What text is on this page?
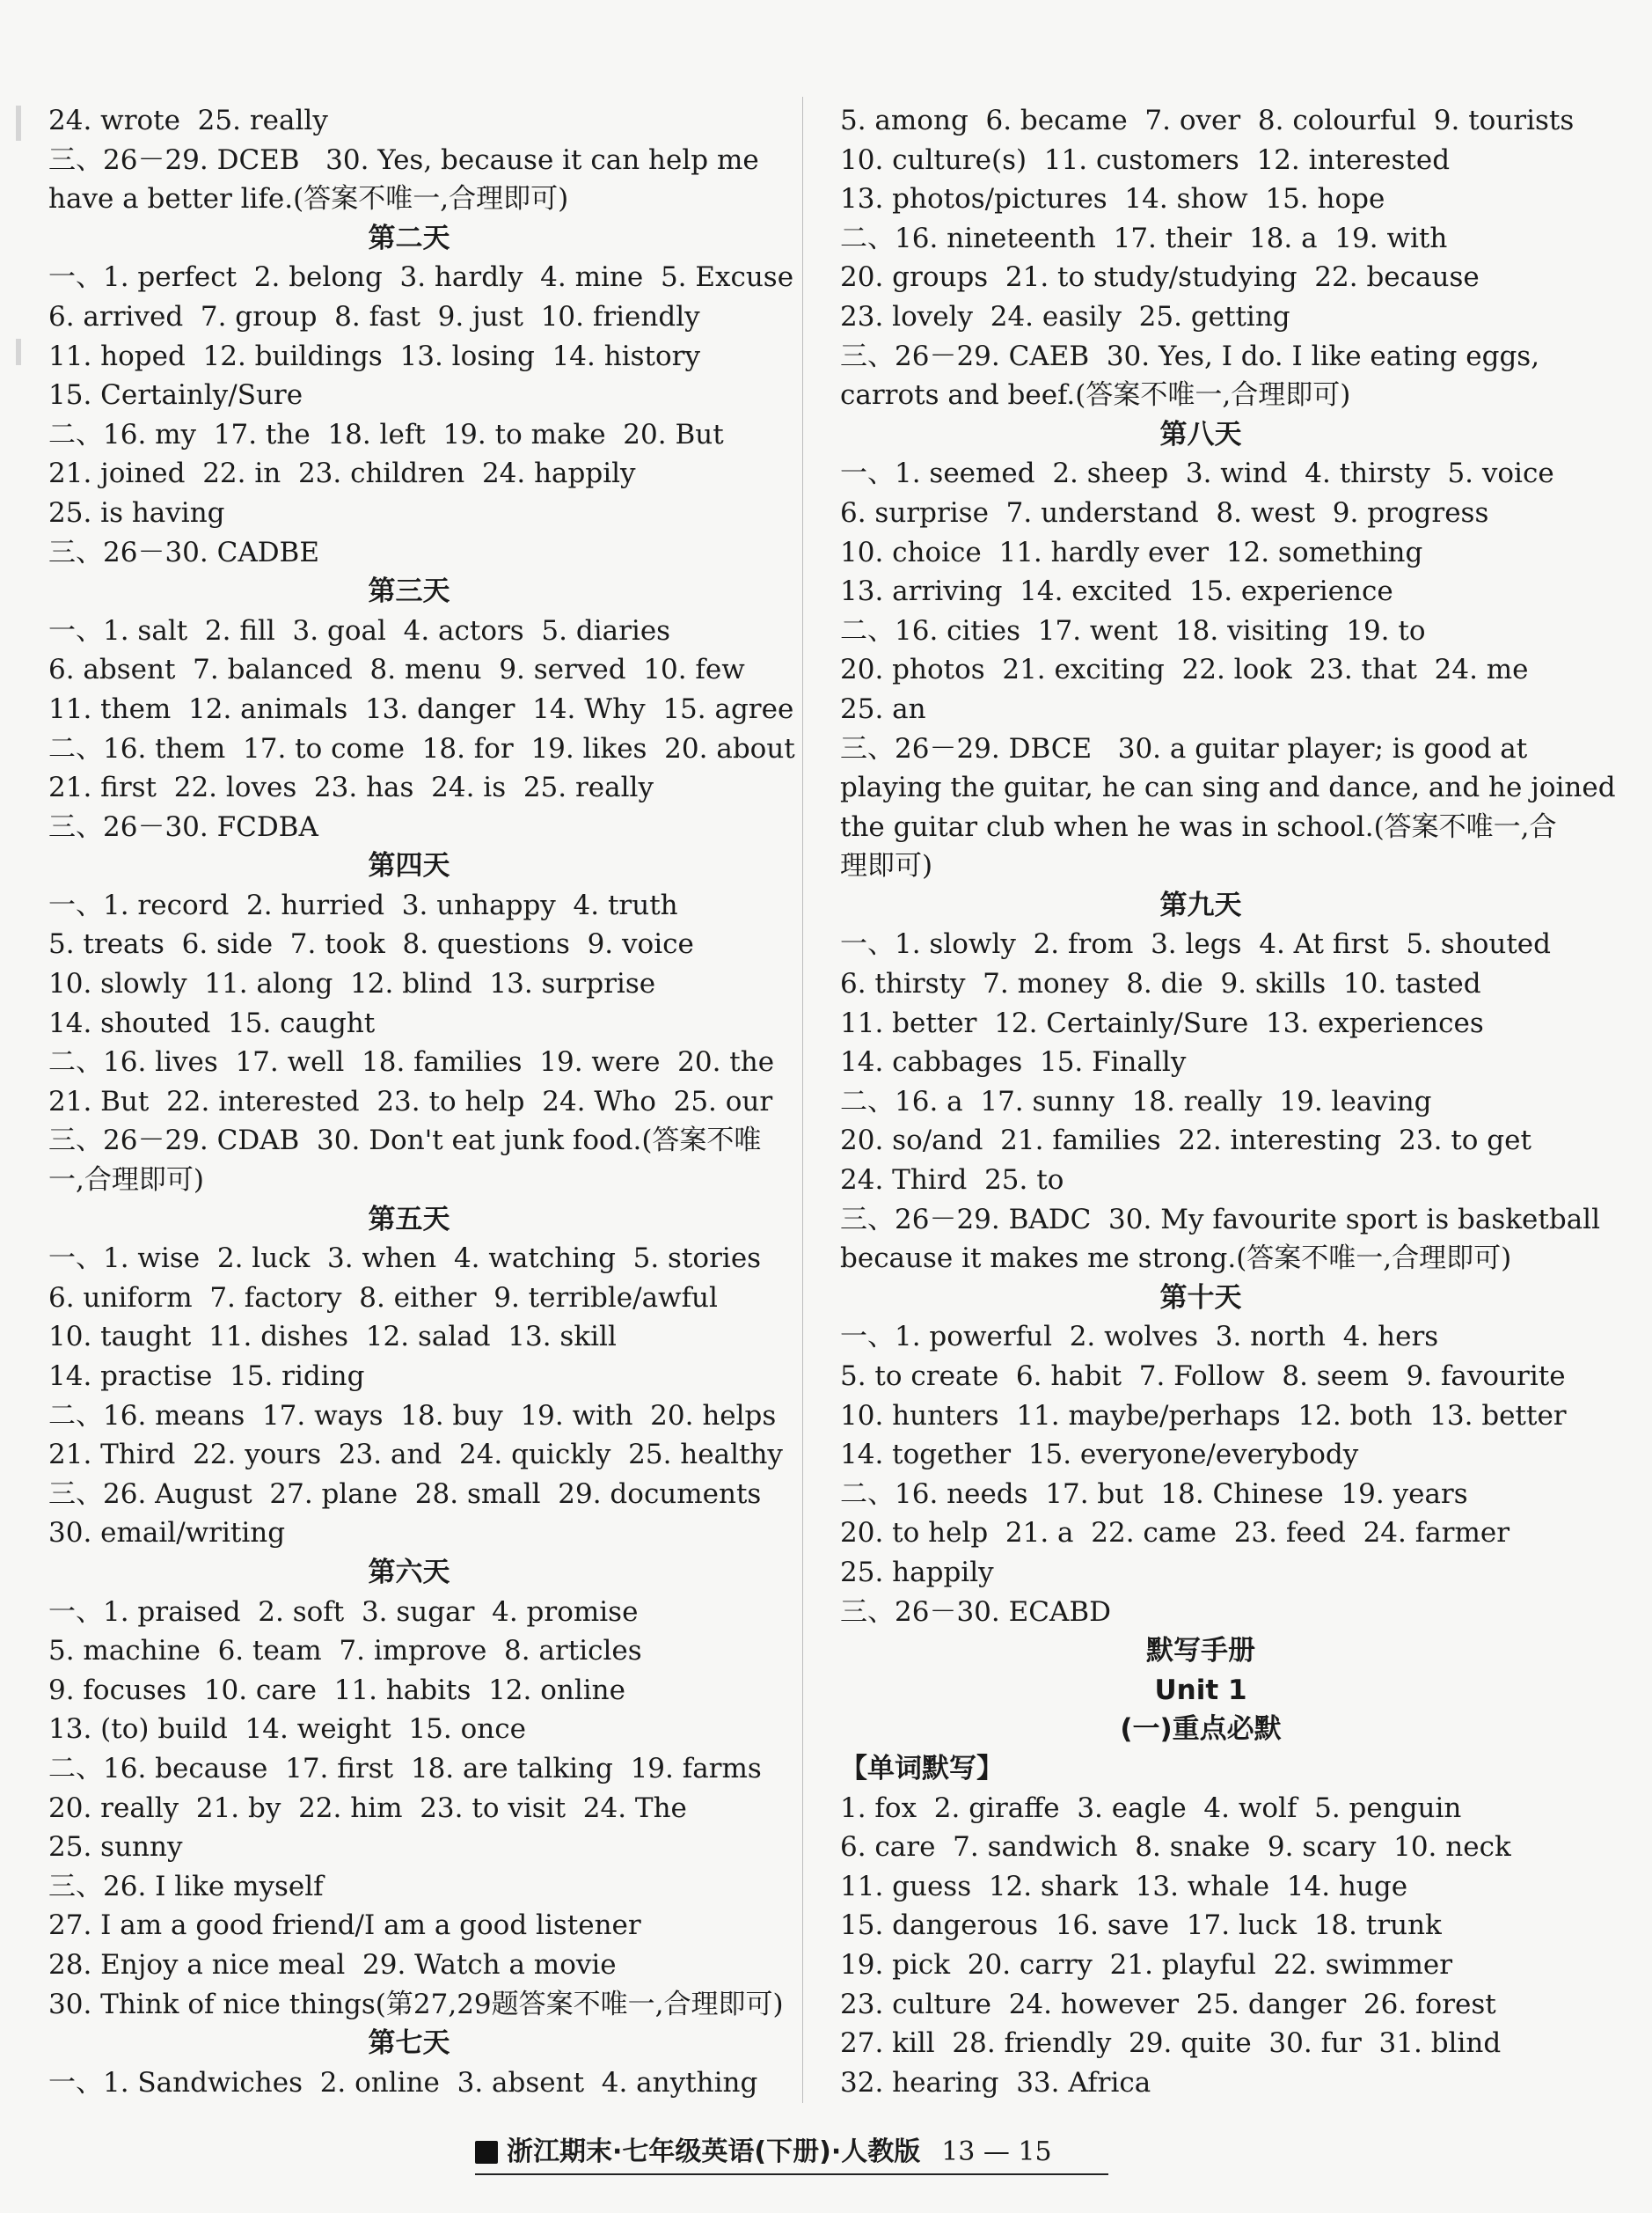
24. wrote  25. really
三、26－29. DCEB   30. Yes, because it can help me
have a better life.(答案不唯一,合理即可)
第二天
一、1. perfect  2. belong  3. hardly  4. mine  5. Excuse
6. arrived  7. group  8. fast  9. just  10. friendly
11. hoped  12. buildings  13. losing  14. history
15. Certainly/Sure
二、16. my  17. the  18. left  19. to make  20. But
21. joined  22. in  23. children  24. happily
25. is having
三、26－30. CADBE
第三天
一、1. salt  2. fill  3. goal  4. actors  5. diaries
6. absent  7. balanced  8. menu  9. served  10. few
11. them  12. animals  13. danger  14. Why  15. agree
二、16. them  17. to come  18. for  19. likes  20. about
21. first  22. loves  23. has  24. is  25. really
三、26－30. FCDBA
第四天
一、1. record  2. hurried  3. unhappy  4. truth
5. treats  6. side  7. took  8. questions  9. voice
10. slowly  11. along  12. blind  13. surprise
14. shouted  15. caught
二、16. lives  17. well  18. families  19. were  20. the
21. But  22. interested  23. to help  24. Who  25. our
三、26－29. CDAB  30. Don't eat junk food.(答案不唯
一,合理即可)
第五天
一、1. wise  2. luck  3. when  4. watching  5. stories
6. uniform  7. factory  8. either  9. terrible/awful
10. taught  11. dishes  12. salad  13. skill
14. practise  15. riding
二、16. means  17. ways  18. buy  19. with  20. helps
21. Third  22. yours  23. and  24. quickly  25. healthy
三、26. August  27. plane  28. small  29. documents
30. email/writing
第六天
一、1. praised  2. soft  3. sugar  4. promise
5. machine  6. team  7. improve  8. articles
9. focuses  10. care  11. habits  12. online
13. (to) build  14. weight  15. once
二、16. because  17. first  18. are talking  19. farms
20. really  21. by  22. him  23. to visit  24. The
25. sunny
三、26. I like myself
27. I am a good friend/I am a good listener
28. Enjoy a nice meal  29. Watch a movie
30. Think of nice things(第27,29题答案不唯一,合理即可)
第七天
一、1. Sandwiches  2. online  3. absent  4. anything
5. among  6. became  7. over  8. colourful  9. tourists
10. culture(s)  11. customers  12. interested
13. photos/pictures  14. show  15. hope
二、16. nineteenth  17. their  18. a  19. with
20. groups  21. to study/studying  22. because
23. lovely  24. easily  25. getting
三、26－29. CAEB  30. Yes, I do. I like eating eggs,
carrots and beef.(答案不唯一,合理即可)
第八天
一、1. seemed  2. sheep  3. wind  4. thirsty  5. voice
6. surprise  7. understand  8. west  9. progress
10. choice  11. hardly ever  12. something
13. arriving  14. excited  15. experience
二、16. cities  17. went  18. visiting  19. to
20. photos  21. exciting  22. look  23. that  24. me
25. an
三、26－29. DBCE   30. a guitar player; is good at
playing the guitar, he can sing and dance, and he joined
the guitar club when he was in school.(答案不唯一,合
理即可)
第九天
一、1. slowly  2. from  3. legs  4. At first  5. shouted
6. thirsty  7. money  8. die  9. skills  10. tasted
11. better  12. Certainly/Sure  13. experiences
14. cabbages  15. Finally
二、16. a  17. sunny  18. really  19. leaving
20. so/and  21. families  22. interesting  23. to get
24. Third  25. to
三、26－29. BADC  30. My favourite sport is basketball
because it makes me strong.(答案不唯一,合理即可)
第十天
一、1. powerful  2. wolves  3. north  4. hers
5. to create  6. habit  7. Follow  8. seem  9. favourite
10. hunters  11. maybe/perhaps  12. both  13. better
14. together  15. everyone/everybody
二、16. needs  17. but  18. Chinese  19. years
20. to help  21. a  22. came  23. feed  24. farmer
25. happily
三、26－30. ECABD
默写手册
Unit 1
(一)重点必默
【单词默写】
1. fox  2. giraffe  3. eagle  4. wolf  5. penguin
6. care  7. sandwich  8. snake  9. scary  10. neck
11. guess  12. shark  13. whale  14. huge
15. dangerous  16. save  17. luck  18. trunk
19. pick  20. carry  21. playful  22. swimmer
23. culture  24. however  25. danger  26. forest
27. kill  28. friendly  29. quite  30. fur  31. blind
32. hearing  33. Africa
浙江期末·七年级英语(下册)·人教版 13 — 15
